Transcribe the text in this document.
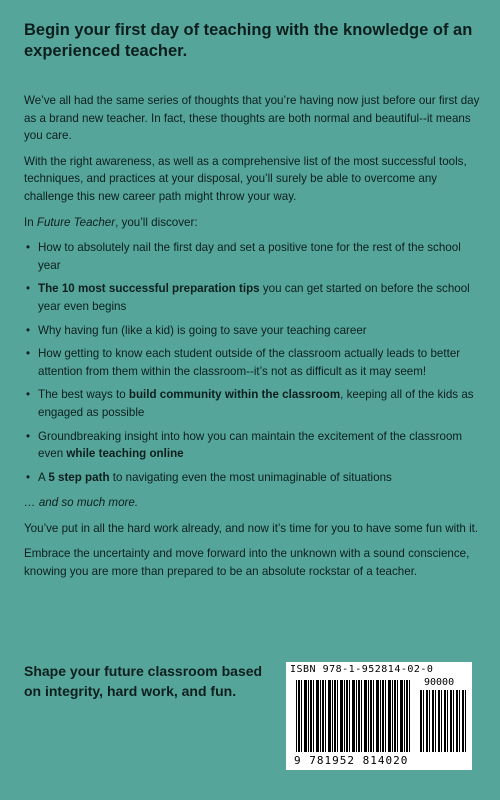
Begin your first day of teaching with the knowledge of an experienced teacher.

We’ve all had the same series of thoughts that you’re having now just before our first day as a brand new teacher. In fact, these thoughts are both normal and beautiful--it means you care.

With the right awareness, as well as a comprehensive list of the most successful tools, techniques, and practices at your disposal, you’ll surely be able to overcome any challenge this new career path might throw your way.

In Future Teacher, you’ll discover:

• How to absolutely nail the first day and set a positive tone for the rest of the school year
• The 10 most successful preparation tips you can get started on before the school year even begins
• Why having fun (like a kid) is going to save your teaching career
• How getting to know each student outside of the classroom actually leads to better attention from them within the classroom--it’s not as difficult as it may seem!
• The best ways to build community within the classroom, keeping all of the kids as engaged as possible
• Groundbreaking insight into how you can maintain the excitement of the classroom even while teaching online
• A 5 step path to navigating even the most unimaginable of situations

… and so much more.

You’ve put in all the hard work already, and now it’s time for you to have some fun with it.

Embrace the uncertainty and move forward into the unknown with a sound conscience, knowing you are more than prepared to be an absolute rockstar of a teacher.

Shape your future classroom based on integrity, hard work, and fun.
ISBN 978-1-952814-02-0
90000
9 781952 814020
